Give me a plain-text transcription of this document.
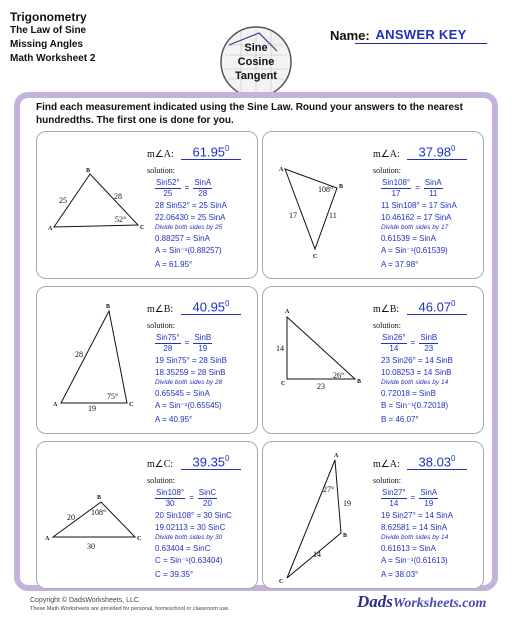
Trigonometry
The Law of Sine
Missing Angles
Math Worksheet 2
Sine
Cosine
Tangent
Name: ANSWER KEY
Find each measurement indicated using the Sine Law. Round your answers to the nearest hundredths. The first one is done for you.
A
B
C
25	28
52°
m∠A:	61.95$^0$
solution:
$\frac{\text{Sin52°}}{25} = \frac{\text{SinA}}{28}$
28 Sin52° = 25 SinA
22.06430 = 25 SinA
Divide both sides by 25
0.88257 = SinA
A = Sin⁻¹(0.88257)
A = 61.95°
A
B
C
17	11
108°
m∠A:	37.98$^0$
solution:
$\frac{\text{Sin108°}}{17} = \frac{\text{SinA}}{11}$
11 Sin108° = 17 SinA
10.46162 = 17 SinA
Divide both sides by 17
0.61539 = SinA
A = Sin⁻¹(0.61539)
A = 37.98°
A
B
C
28
19
75°
m∠B:	40.95$^0$
solution:
$\frac{\text{Sin75°}}{28} = \frac{\text{SinB}}{19}$
19 Sin75° = 28 SinB
18.35259 = 28 SinB
Divide both sides by 28
0.65545 = SinA
A = Sin⁻¹(0.65545)
A = 40.95°
A
B
C
14
23
26°
m∠B:	46.07$^0$
solution:
$\frac{\text{Sin26°}}{14} = \frac{\text{SinB}}{23}$
23 Sin26° = 14 SinB
10.08253 = 14 SinB
Divide both sides by 14
0.72018 = SinB
B = Sin⁻¹(0.72018)
B = 46.07°
A
B
C
20
30
108°
m∠C:	39.35$^0$
solution:
$\frac{\text{Sin108°}}{30} = \frac{\text{SinC}}{20}$
20 Sin108° = 30 SinC
19.02113 = 30 SinC
Divide both sides by 30
0.63404 = SinC
C = Sin⁻¹(0.63404)
C = 39.35°
A
B
C
19
14
27°
m∠A:	38.03$^0$
solution:
$\frac{\text{Sin27°}}{14} = \frac{\text{SinA}}{19}$
19 Sin27° = 14 SinA
8.62581 = 14 SinA
Divide both sides by 14
0.61613 = SinA
A = Sin⁻¹(0.61613)
A = 38.03°
Copyright © DadsWorksheets, LLC
These Math Worksheets are provided for personal, homeschool or classroom use.	DadsWorksheets.com
